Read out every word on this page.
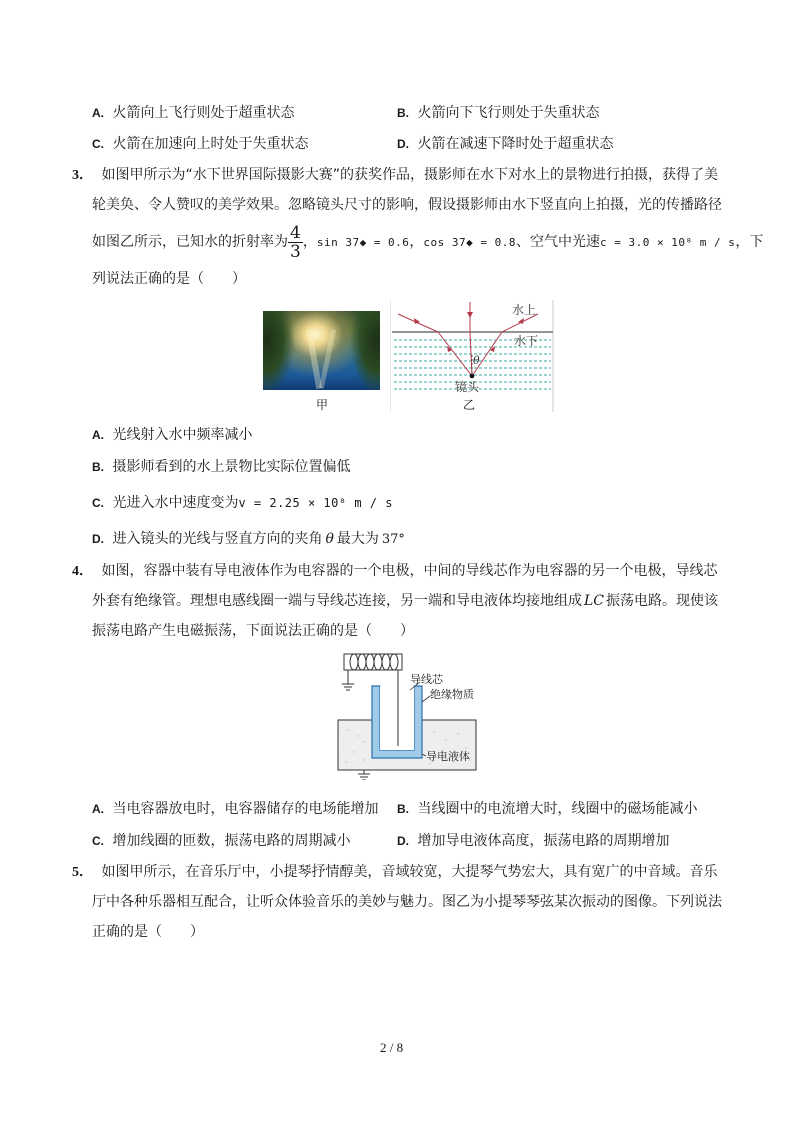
A. 火箭向上飞行则处于超重状态	B. 火箭向下飞行则处于失重状态
C. 火箭在加速向上时处于失重状态	D. 火箭在减速下降时处于超重状态
3． 如图甲所示为“水下世界国际摄影大赛”的获奖作品，摄影师在水下对水上的景物进行拍摄，获得了美
轮美奂、令人赞叹的美学效果。忽略镜头尺寸的影响，假设摄影师由水下竖直向上拍摄，光的传播路径
如图乙所示，已知水的折射率为 $\frac{4}{3}$ ，sin 37◆ = 0.6，cos 37◆ = 0.8、空气中光速c = 3.0 × 10⁸ m / s，下
列说法正确的是（　　）
甲
水上
水下
θ
镜头
乙
A. 光线射入水中频率减小
B. 摄影师看到的水上景物比实际位置偏低
C. 光进入水中速度变为v = 2.25 × 10⁸ m / s
D. 进入镜头的光线与竖直方向的夹角 θ 最大为 37°
4． 如图，容器中装有导电液体作为电容器的一个电极，中间的导线芯作为电容器的另一个电极，导线芯
外套有绝缘管。理想电感线圈一端与导线芯连接，另一端和导电液体均接地组成 LC 振荡电路。现使该
振荡电路产生电磁振荡，下面说法正确的是（　　）
导线芯
绝缘物质
导电液体
A. 当电容器放电时，电容器储存的电场能增加 B. 当线圈中的电流增大时，线圈中的磁场能减小
C. 增加线圈的匝数，振荡电路的周期减小	D. 增加导电液体高度，振荡电路的周期增加
5． 如图甲所示，在音乐厅中，小提琴抒情醇美，音域较宽，大提琴气势宏大，具有宽广的中音域。音乐
厅中各种乐器相互配合，让听众体验音乐的美妙与魅力。图乙为小提琴琴弦某次振动的图像。下列说法
正确的是（　　）
2 / 8
